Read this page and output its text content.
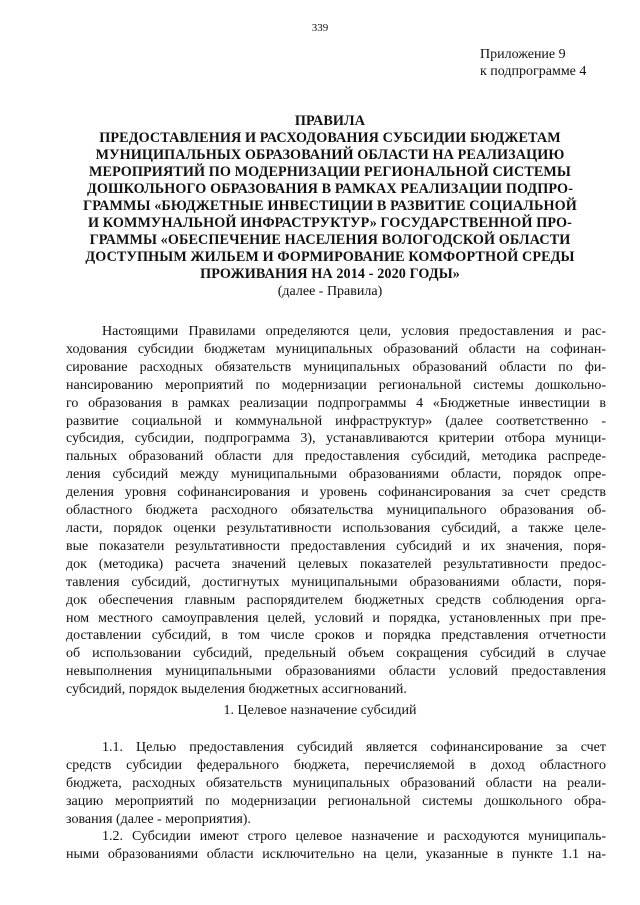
339
Приложение 9
к подпрограмме 4
ПРАВИЛА
ПРЕДОСТАВЛЕНИЯ И РАСХОДОВАНИЯ СУБСИДИИ БЮДЖЕТАМ
МУНИЦИПАЛЬНЫХ ОБРАЗОВАНИЙ ОБЛАСТИ НА РЕАЛИЗАЦИЮ
МЕРОПРИЯТИЙ ПО МОДЕРНИЗАЦИИ РЕГИОНАЛЬНОЙ СИСТЕМЫ
ДОШКОЛЬНОГО ОБРАЗОВАНИЯ В РАМКАХ РЕАЛИЗАЦИИ ПОДПРО-
ГРАММЫ «БЮДЖЕТНЫЕ ИНВЕСТИЦИИ В РАЗВИТИЕ СОЦИАЛЬНОЙ
И КОММУНАЛЬНОЙ ИНФРАСТРУКТУР» ГОСУДАРСТВЕННОЙ ПРО-
ГРАММЫ «ОБЕСПЕЧЕНИЕ НАСЕЛЕНИЯ ВОЛОГОДСКОЙ ОБЛАСТИ
ДОСТУПНЫМ ЖИЛЬЕМ И ФОРМИРОВАНИЕ КОМФОРТНОЙ СРЕДЫ
ПРОЖИВАНИЯ НА 2014 - 2020 ГОДЫ»
(далее - Правила)
Настоящими Правилами определяются цели, условия предоставления и рас-
ходования субсидии бюджетам муниципальных образований области на софинан-
сирование расходных обязательств муниципальных образований области по фи-
нансированию мероприятий по модернизации региональной системы дошкольно-
го образования в рамках реализации подпрограммы 4 «Бюджетные инвестиции в
развитие социальной и коммунальной инфраструктур» (далее соответственно -
субсидия, субсидии, подпрограмма 3), устанавливаются критерии отбора муници-
пальных образований области для предоставления субсидий, методика распреде-
ления субсидий между муниципальными образованиями области, порядок опре-
деления уровня софинансирования и уровень софинансирования за счет средств
областного бюджета расходного обязательства муниципального образования об-
ласти, порядок оценки результативности использования субсидий, а также целе-
вые показатели результативности предоставления субсидий и их значения, поря-
док (методика) расчета значений целевых показателей результативности предос-
тавления субсидий, достигнутых муниципальными образованиями области, поря-
док обеспечения главным распорядителем бюджетных средств соблюдения орга-
ном местного самоуправления целей, условий и порядка, установленных при пре-
доставлении субсидий, в том числе сроков и порядка представления отчетности
об использовании субсидий, предельный объем сокращения субсидий в случае
невыполнения муниципальными образованиями области условий предоставления
субсидий, порядок выделения бюджетных ассигнований.
1. Целевое назначение субсидий
1.1. Целью предоставления субсидий является софинансирование за счет
средств субсидии федерального бюджета, перечисляемой в доход областного
бюджета, расходных обязательств муниципальных образований области на реали-
зацию мероприятий по модернизации региональной системы дошкольного обра-
зования (далее - мероприятия).
1.2. Субсидии имеют строго целевое назначение и расходуются муниципаль-
ными образованиями области исключительно на цели, указанные в пункте 1.1 на-
